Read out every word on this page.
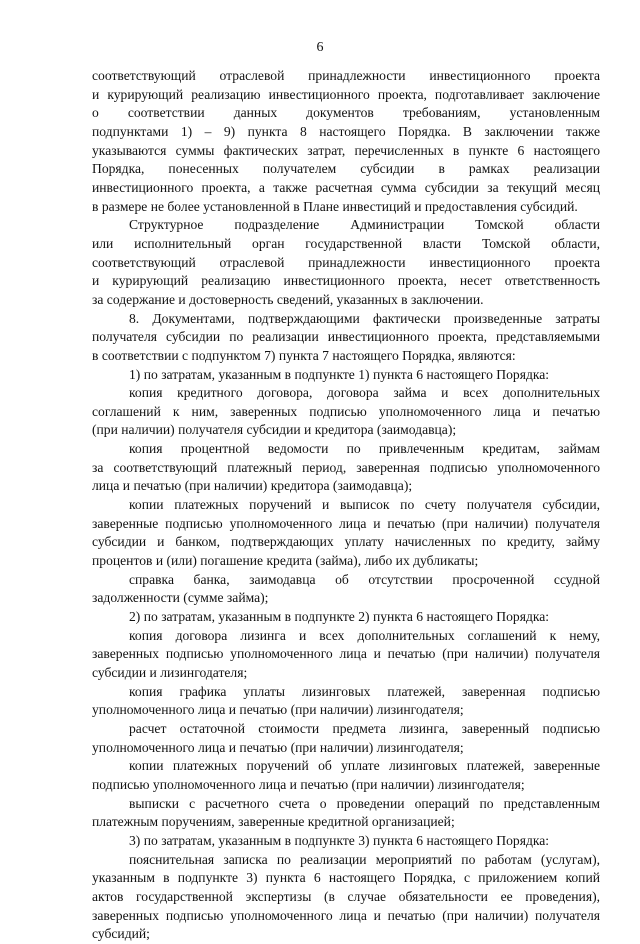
6

соответствующий отраслевой принадлежности инвестиционного проекта

и курирующий реализацию инвестиционного проекта, подготавливает заключение

о соответствии данных документов требованиям, установленным

подпунктами 1) – 9) пункта 8 настоящего Порядка. В заключении также

указываются суммы фактических затрат, перечисленных в пункте 6 настоящего

Порядка, понесенных получателем субсидии в рамках реализации

инвестиционного проекта, а также расчетная сумма субсидии за текущий месяц

в размере не более установленной в Плане инвестиций и предоставления субсидий.

Структурное подразделение Администрации Томской области

или исполнительный орган государственной власти Томской области,

соответствующий отраслевой принадлежности инвестиционного проекта

и курирующий реализацию инвестиционного проекта, несет ответственность

за содержание и достоверность сведений, указанных в заключении.

8. Документами, подтверждающими фактически произведенные затраты

получателя субсидии по реализации инвестиционного проекта, представляемыми

в соответствии с подпунктом 7) пункта 7 настоящего Порядка, являются:

1) по затратам, указанным в подпункте 1) пункта 6 настоящего Порядка:

копия кредитного договора, договора займа и всех дополнительных

соглашений к ним, заверенных подписью уполномоченного лица и печатью

(при наличии) получателя субсидии и кредитора (заимодавца);

копия процентной ведомости по привлеченным кредитам, займам

за соответствующий платежный период, заверенная подписью уполномоченного

лица и печатью (при наличии) кредитора (заимодавца);

копии платежных поручений и выписок по счету получателя субсидии,

заверенные подписью уполномоченного лица и печатью (при наличии) получателя

субсидии и банком, подтверждающих уплату начисленных по кредиту, займу

процентов и (или) погашение кредита (займа), либо их дубликаты;

справка банка, заимодавца об отсутствии просроченной ссудной

задолженности (сумме займа);

2) по затратам, указанным в подпункте 2) пункта 6 настоящего Порядка:

копия договора лизинга и всех дополнительных соглашений к нему,

заверенных подписью уполномоченного лица и печатью (при наличии) получателя

субсидии и лизингодателя;

копия графика уплаты лизинговых платежей, заверенная подписью

уполномоченного лица и печатью (при наличии) лизингодателя;

расчет остаточной стоимости предмета лизинга, заверенный подписью

уполномоченного лица и печатью (при наличии) лизингодателя;

копии платежных поручений об уплате лизинговых платежей, заверенные

подписью уполномоченного лица и печатью (при наличии) лизингодателя;

выписки с расчетного счета о проведении операций по представленным

платежным поручениям, заверенные кредитной организацией;

3) по затратам, указанным в подпункте 3) пункта 6 настоящего Порядка:

пояснительная записка по реализации мероприятий по работам (услугам),

указанным в подпункте 3) пункта 6 настоящего Порядка, с приложением копий

актов государственной экспертизы (в случае обязательности ее проведения),

заверенных подписью уполномоченного лица и печатью (при наличии) получателя

субсидий;
